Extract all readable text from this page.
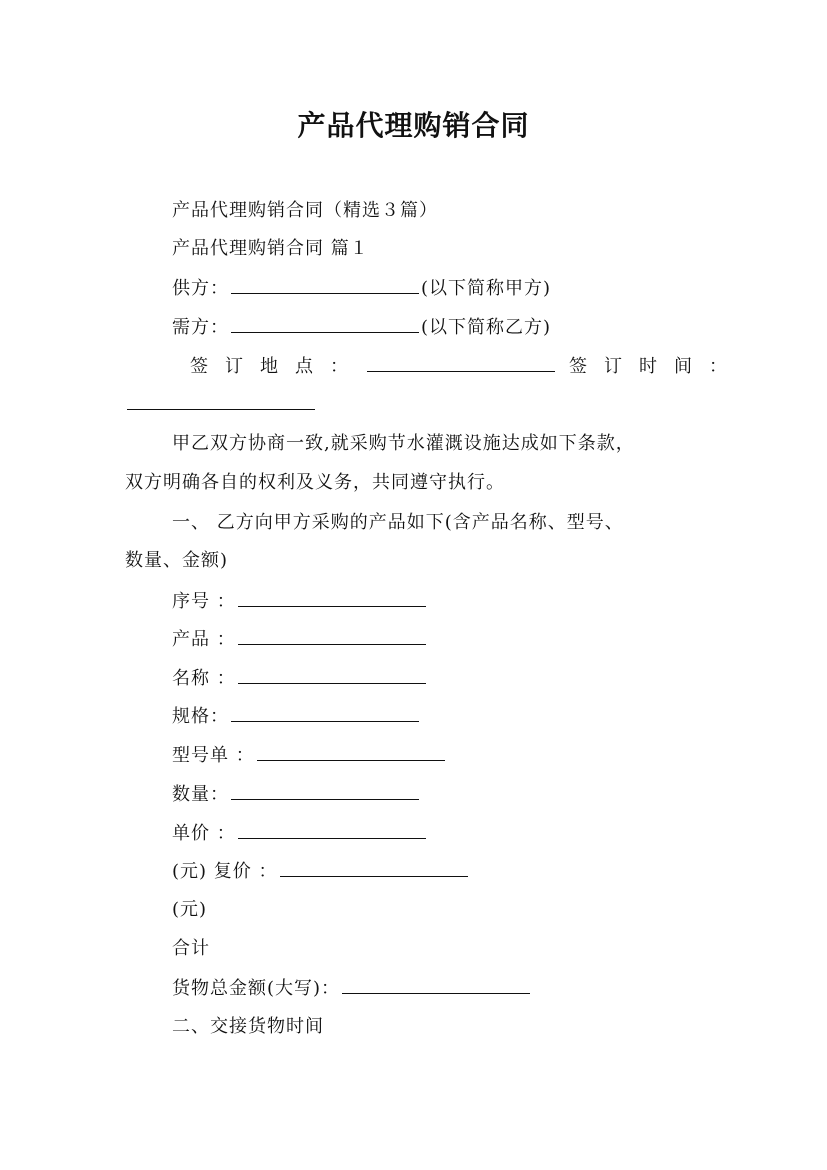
产品代理购销合同
产品代理购销合同（精选３篇）
产品代理购销合同 篇１
供方：	(以下简称甲方)
需方：	(以下简称乙方)
签订地点：	签订时间：
甲乙双方协商一致,就采购节水灌溉设施达成如下条款，
双方明确各自的权利及义务，共同遵守执行。
一、 乙方向甲方采购的产品如下(含产品名称、型号、
数量、金额)
序号 ：
产品 ：
名称 ：
规格：
型号单 ：
数量：
单价 ：
(元) 复价 ：
(元)
合计
货物总金额(大写)：
二、交接货物时间
